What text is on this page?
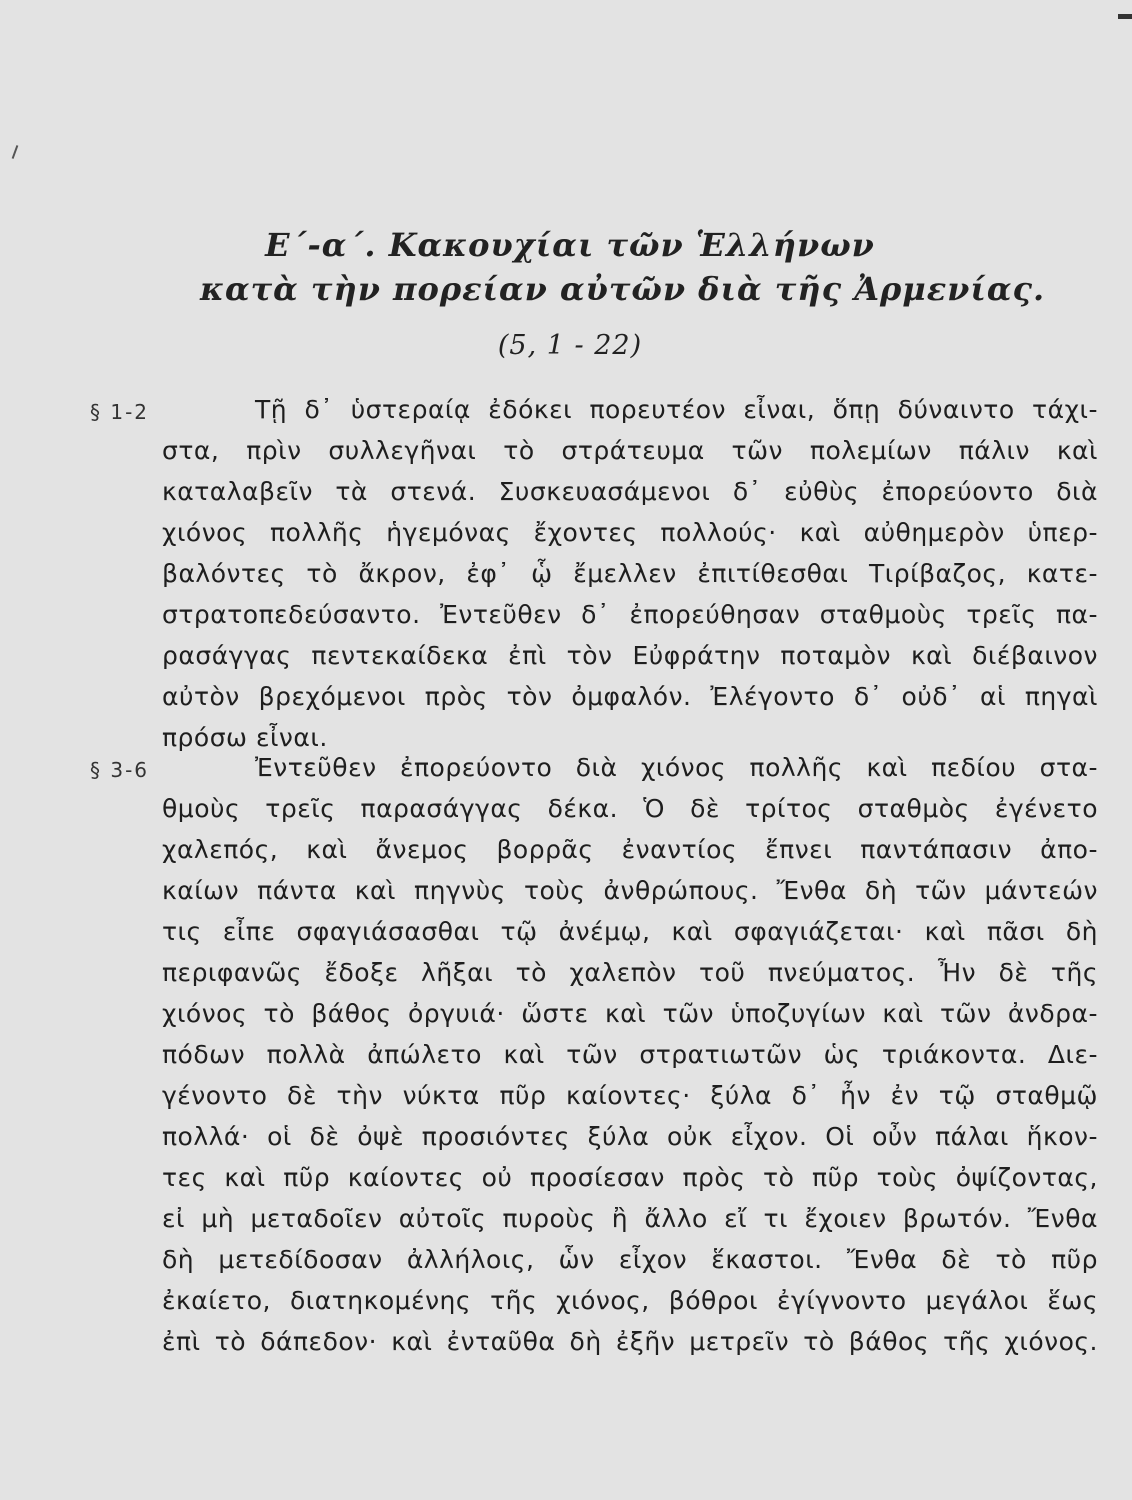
Ε΄-α΄. Κακουχίαι τῶν Ἑλλήνων
κατὰ τὴν πορείαν αὐτῶν διὰ τῆς Ἀρμενίας.
(5, 1 - 22)
§ 1-2	Τῇ δ᾽ ὑστεραίᾳ ἐδόκει πορευτέον εἶναι, ὅπῃ δύναιντο τάχι-
στα, πρὶν συλλεγῆναι τὸ στράτευμα τῶν πολεμίων πάλιν καὶ
καταλαβεῖν τὰ στενά. Συσκευασάμενοι δ᾽ εὐθὺς ἐπορεύοντο διὰ
χιόνος πολλῆς ἡγεμόνας ἔχοντες πολλούς· καὶ αὐθημερὸν ὑπερ-
βαλόντες τὸ ἄκρον, ἐφ᾽ ᾧ ἔμελλεν ἐπιτίθεσθαι Τιρίβαζος, κατε-
στρατοπεδεύσαντο. Ἐντεῦθεν δ᾽ ἐπορεύθησαν σταθμοὺς τρεῖς πα-
ρασάγγας πεντεκαίδεκα ἐπὶ τὸν Εὐφράτην ποταμὸν καὶ διέβαινον
αὐτὸν βρεχόμενοι πρὸς τὸν ὀμφαλόν. Ἐλέγοντο δ᾽ οὐδ᾽ αἱ πηγαὶ
πρόσω εἶναι.
§ 3-6	Ἐντεῦθεν ἐπορεύοντο διὰ χιόνος πολλῆς καὶ πεδίου στα-
θμοὺς τρεῖς παρασάγγας δέκα. Ὁ δὲ τρίτος σταθμὸς ἐγένετο
χαλεπός, καὶ ἄνεμος βορρᾶς ἐναντίος ἔπνει παντάπασιν ἀπο-
καίων πάντα καὶ πηγνὺς τοὺς ἀνθρώπους. Ἔνθα δὴ τῶν μάντεών
τις εἶπε σφαγιάσασθαι τῷ ἀνέμῳ, καὶ σφαγιάζεται· καὶ πᾶσι δὴ
περιφανῶς ἔδοξε λῆξαι τὸ χαλεπὸν τοῦ πνεύματος. Ἦν δὲ τῆς
χιόνος τὸ βάθος ὀργυιά· ὥστε καὶ τῶν ὑποζυγίων καὶ τῶν ἀνδρα-
πόδων πολλὰ ἀπώλετο καὶ τῶν στρατιωτῶν ὡς τριάκοντα. Διε-
γένοντο δὲ τὴν νύκτα πῦρ καίοντες· ξύλα δ᾽ ἦν ἐν τῷ σταθμῷ
πολλά· οἱ δὲ ὀψὲ προσιόντες ξύλα οὐκ εἶχον. Οἱ οὖν πάλαι ἥκον-
τες καὶ πῦρ καίοντες οὐ προσίεσαν πρὸς τὸ πῦρ τοὺς ὀψίζοντας,
εἰ μὴ μεταδοῖεν αὐτοῖς πυροὺς ἢ ἄλλο εἴ τι ἔχοιεν βρωτόν. Ἔνθα
δὴ μετεδίδοσαν ἀλλήλοις, ὧν εἶχον ἕκαστοι. Ἔνθα δὲ τὸ πῦρ
ἐκαίετο, διατηκομένης τῆς χιόνος, βόθροι ἐγίγνοντο μεγάλοι ἕως
ἐπὶ τὸ δάπεδον· καὶ ἐνταῦθα δὴ ἐξῆν μετρεῖν τὸ βάθος τῆς χιόνος.
